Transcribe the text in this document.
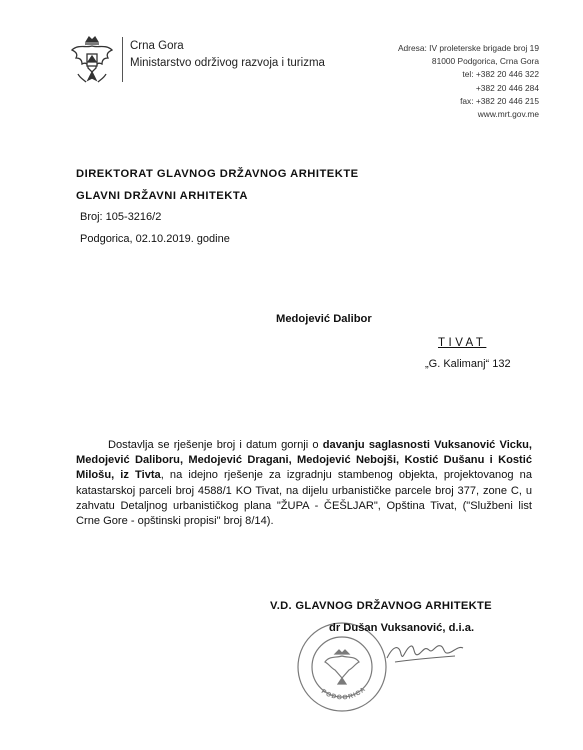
Crna Gora
Ministarstvo održivog razvoja i turizma
Adresa: IV proleterske brigade broj 19
81000 Podgorica, Crna Gora
tel: +382 20 446 322
+382 20 446 284
fax: +382 20 446 215
www.mrt.gov.me
DIREKTORAT GLAVNOG DRŽAVNOG ARHITEKTE
GLAVNI DRŽAVNI ARHITEKTA
Broj: 105-3216/2
Podgorica, 02.10.2019. godine
Medojević Dalibor
TIVAT
„G. Kalimanj“ 132
Dostavlja se rješenje broj i datum gornji o davanju saglasnosti Vuksanović Vicku, Medojević Daliboru, Medojević Dragani, Medojević Nebojši, Kostić Dušanu i Kostić Milošu, iz Tivta, na idejno rješenje za izgradnju stambenog objekta, projektovanog na katastarskoj parceli broj 4588/1 KO Tivat, na dijelu urbanističke parcele broj 377, zone C, u zahvatu Detaljnog urbanističkog plana "ŽUPA - ČEŠLJAR", Opština Tivat, ("Službeni list Crne Gore - opštinski propisi" broj 8/14).
V.D. GLAVNOG DRŽAVNOG ARHITEKTE
PODGORICA
dr Dušan Vuksanović, d.i.a.
